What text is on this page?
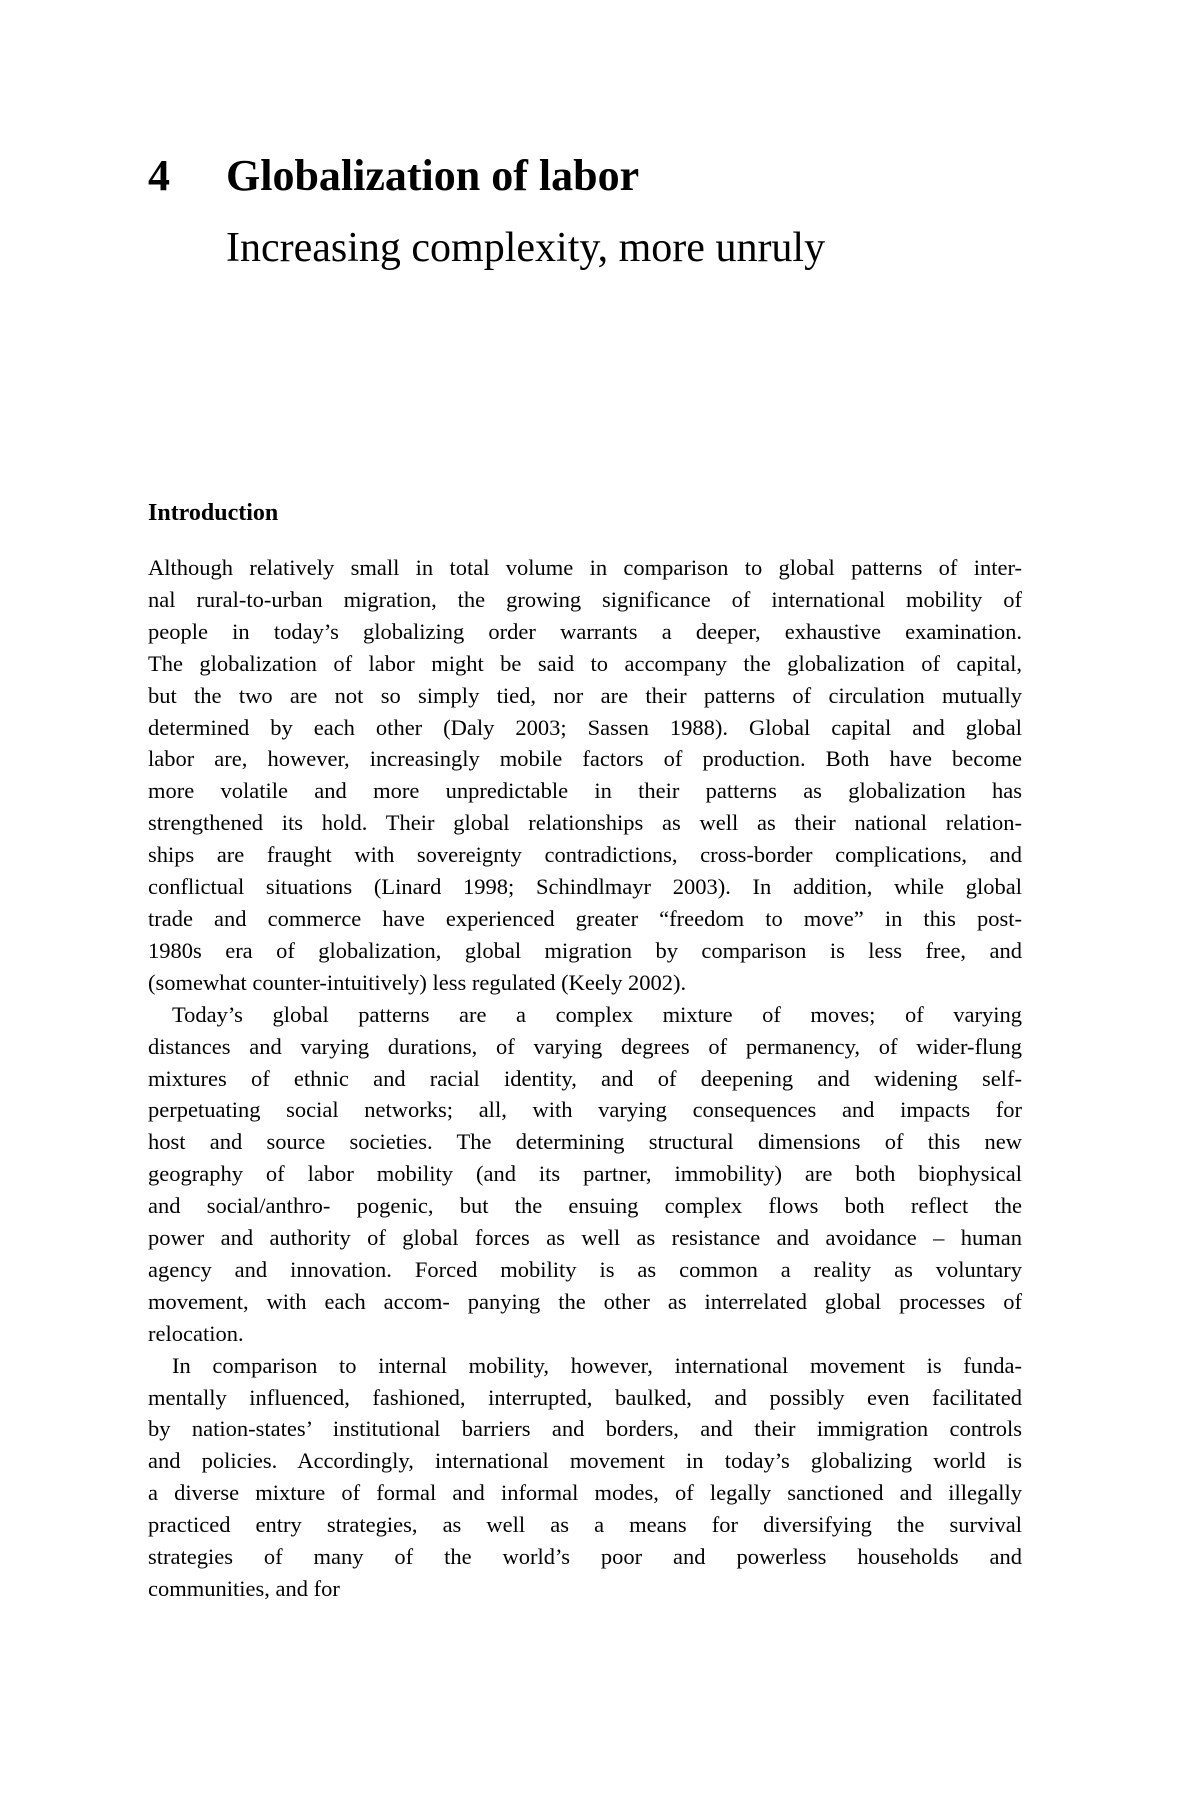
4	Globalization of labor
Increasing complexity, more unruly
Introduction
Although relatively small in total volume in comparison to global patterns of inter-
nal rural-to-urban migration, the growing significance of international mobility of
people in today’s globalizing order warrants a deeper, exhaustive examination.
The globalization of labor might be said to accompany the globalization of capital,
but the two are not so simply tied, nor are their patterns of circulation mutually
determined by each other (Daly 2003; Sassen 1988). Global capital and global
labor are, however, increasingly mobile factors of production. Both have become
more volatile and more unpredictable in their patterns as globalization has
strengthened its hold. Their global relationships as well as their national relation-
ships are fraught with sovereignty contradictions, cross-border complications, and
conflictual situations (Linard 1998; Schindlmayr 2003). In addition, while global
trade and commerce have experienced greater “freedom to move” in this post-
1980s era of globalization, global migration by comparison is less free, and
(somewhat counter-intuitively) less regulated (Keely 2002).
Today’s global patterns are a complex mixture of moves; of varying
distances and varying durations, of varying degrees of permanency, of wider-flung
mixtures of ethnic and racial identity, and of deepening and widening self-
perpetuating social networks; all, with varying consequences and impacts for
host and source societies. The determining structural dimensions of this new
geography of labor mobility (and its partner, immobility) are both biophysical
and social/anthro- pogenic, but the ensuing complex flows both reflect the
power and authority of global forces as well as resistance and avoidance – human
agency and innovation. Forced mobility is as common a reality as voluntary
movement, with each accom- panying the other as interrelated global processes of
relocation.
In comparison to internal mobility, however, international movement is funda-
mentally influenced, fashioned, interrupted, baulked, and possibly even facilitated
by nation-states’ institutional barriers and borders, and their immigration controls
and policies. Accordingly, international movement in today’s globalizing world is
a diverse mixture of formal and informal modes, of legally sanctioned and illegally
practiced entry strategies, as well as a means for diversifying the survival
strategies of many of the world’s poor and powerless households and
communities, and for
